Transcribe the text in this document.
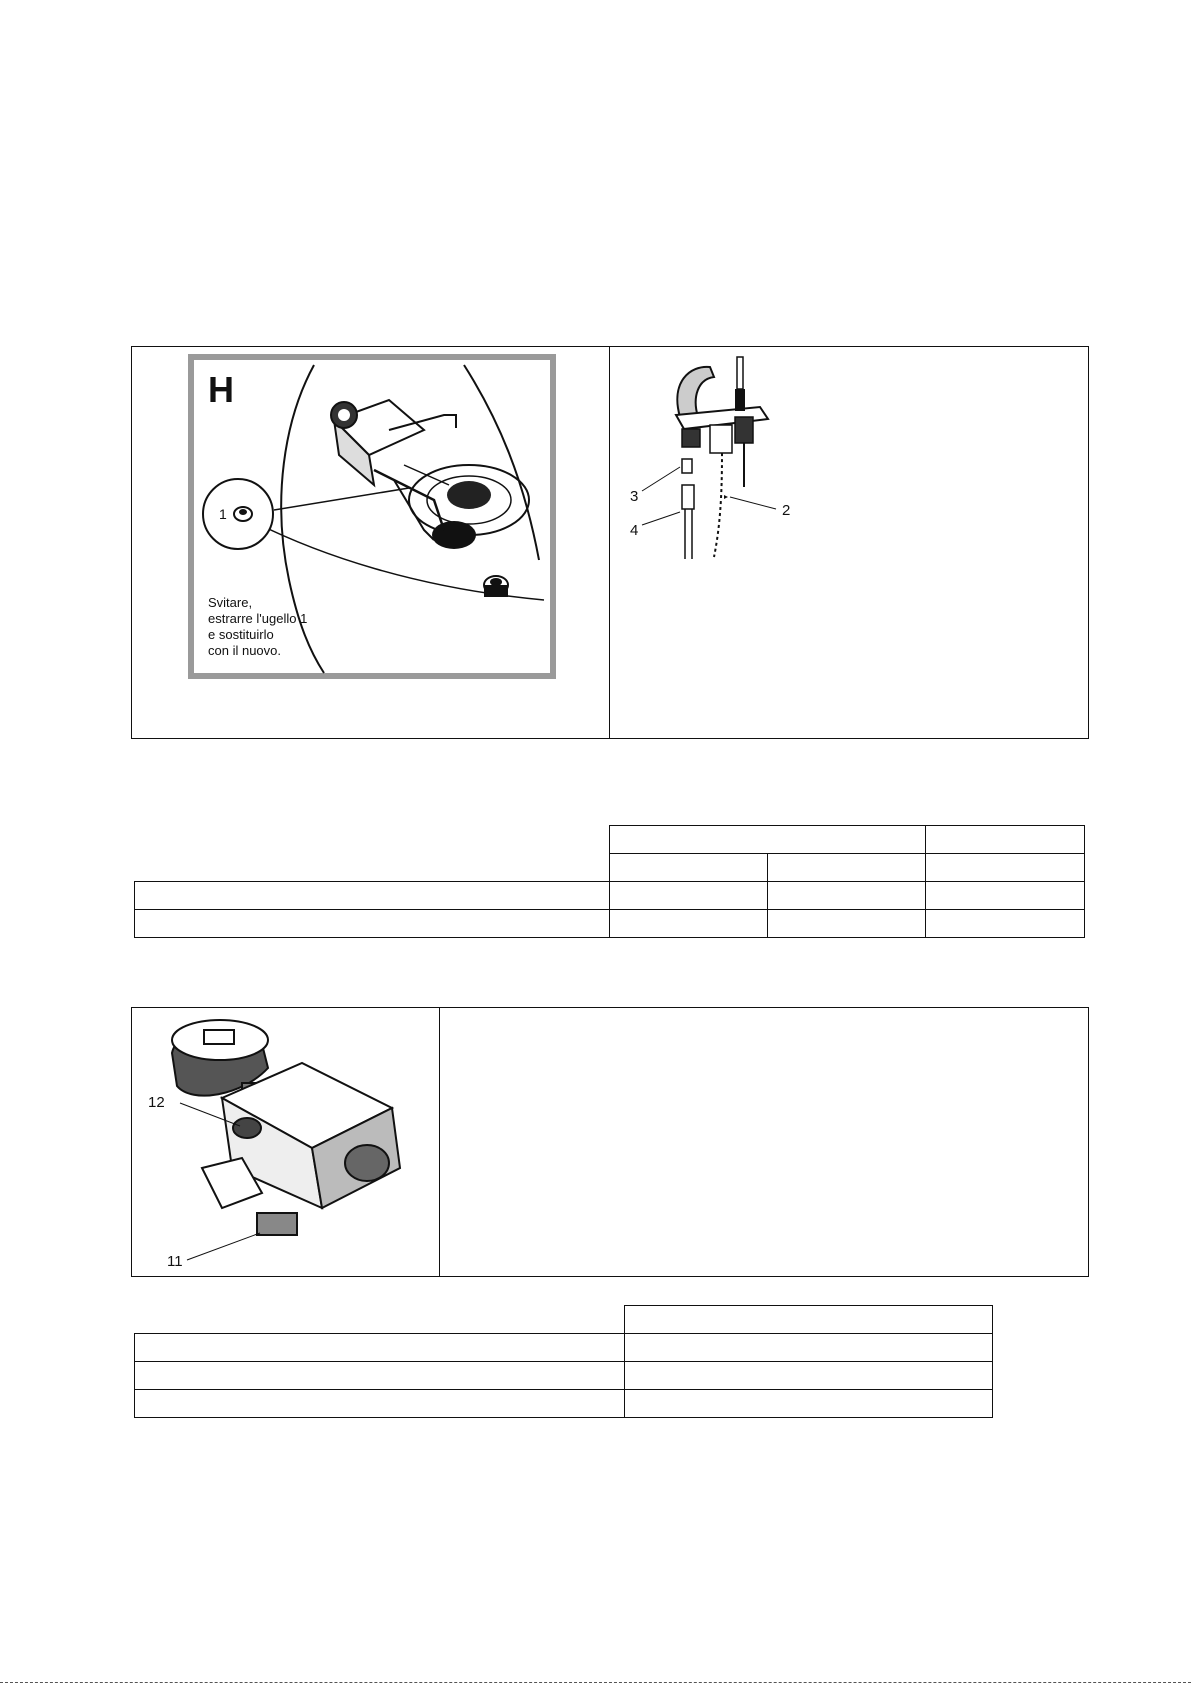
H
1
Svitare,
estrarre l'ugello 1
e sostituirlo
con il nuovo.
3
4
2

12
11
